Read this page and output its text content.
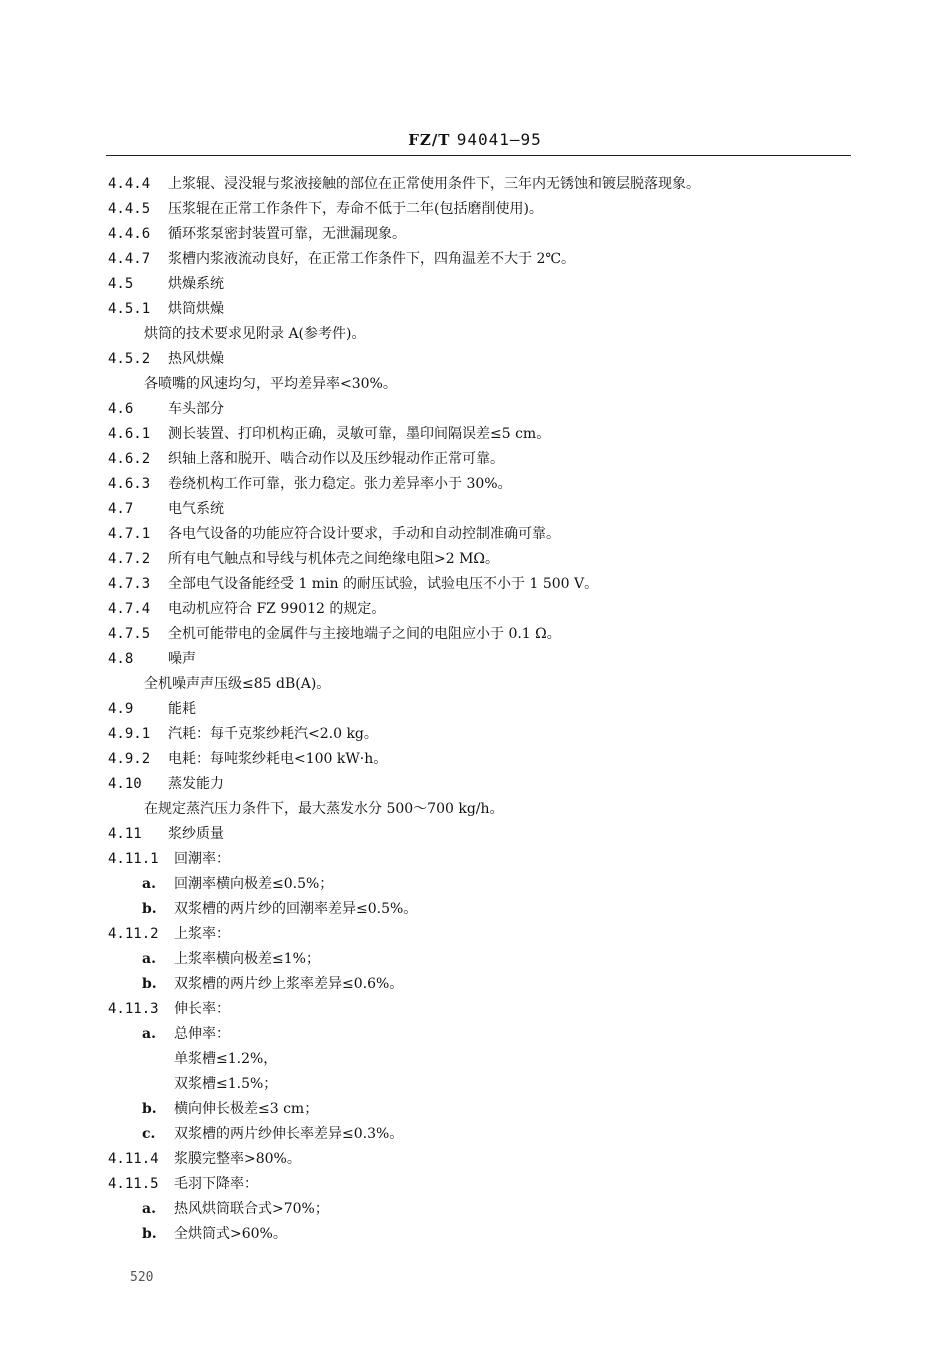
FZ/T 94041—95
4.4.4 上浆辊、浸没辊与浆液接触的部位在正常使用条件下，三年内无锈蚀和镀层脱落现象。
4.4.5 压浆辊在正常工作条件下，寿命不低于二年(包括磨削使用)。
4.4.6 循环浆泵密封装置可靠，无泄漏现象。
4.4.7 浆槽内浆液流动良好，在正常工作条件下，四角温差不大于 2℃。
4.5 烘燥系统
4.5.1 烘筒烘燥
烘筒的技术要求见附录 A(参考件)。
4.5.2 热风烘燥
各喷嘴的风速均匀，平均差异率<30%。
4.6 车头部分
4.6.1 测长装置、打印机构正确，灵敏可靠，墨印间隔误差≤5 cm。
4.6.2 织轴上落和脱开、啮合动作以及压纱辊动作正常可靠。
4.6.3 卷绕机构工作可靠，张力稳定。张力差异率小于 30%。
4.7 电气系统
4.7.1 各电气设备的功能应符合设计要求，手动和自动控制准确可靠。
4.7.2 所有电气触点和导线与机体壳之间绝缘电阻>2 MΩ。
4.7.3 全部电气设备能经受 1 min 的耐压试验，试验电压不小于 1 500 V。
4.7.4 电动机应符合 FZ 99012 的规定。
4.7.5 全机可能带电的金属件与主接地端子之间的电阻应小于 0.1 Ω。
4.8 噪声
全机噪声声压级≤85 dB(A)。
4.9 能耗
4.9.1 汽耗：每千克浆纱耗汽<2.0 kg。
4.9.2 电耗：每吨浆纱耗电<100 kW·h。
4.10 蒸发能力
在规定蒸汽压力条件下，最大蒸发水分 500～700 kg/h。
4.11 浆纱质量
4.11.1 回潮率：
a. 回潮率横向极差≤0.5%；
b. 双浆槽的两片纱的回潮率差异≤0.5%。
4.11.2 上浆率：
a. 上浆率横向极差≤1%；
b. 双浆槽的两片纱上浆率差异≤0.6%。
4.11.3 伸长率：
a. 总伸率：
单浆槽≤1.2%，
双浆槽≤1.5%；
b. 横向伸长极差≤3 cm；
c. 双浆槽的两片纱伸长率差异≤0.3%。
4.11.4 浆膜完整率>80%。
4.11.5 毛羽下降率：
a. 热风烘筒联合式>70%；
b. 全烘筒式>60%。
520
